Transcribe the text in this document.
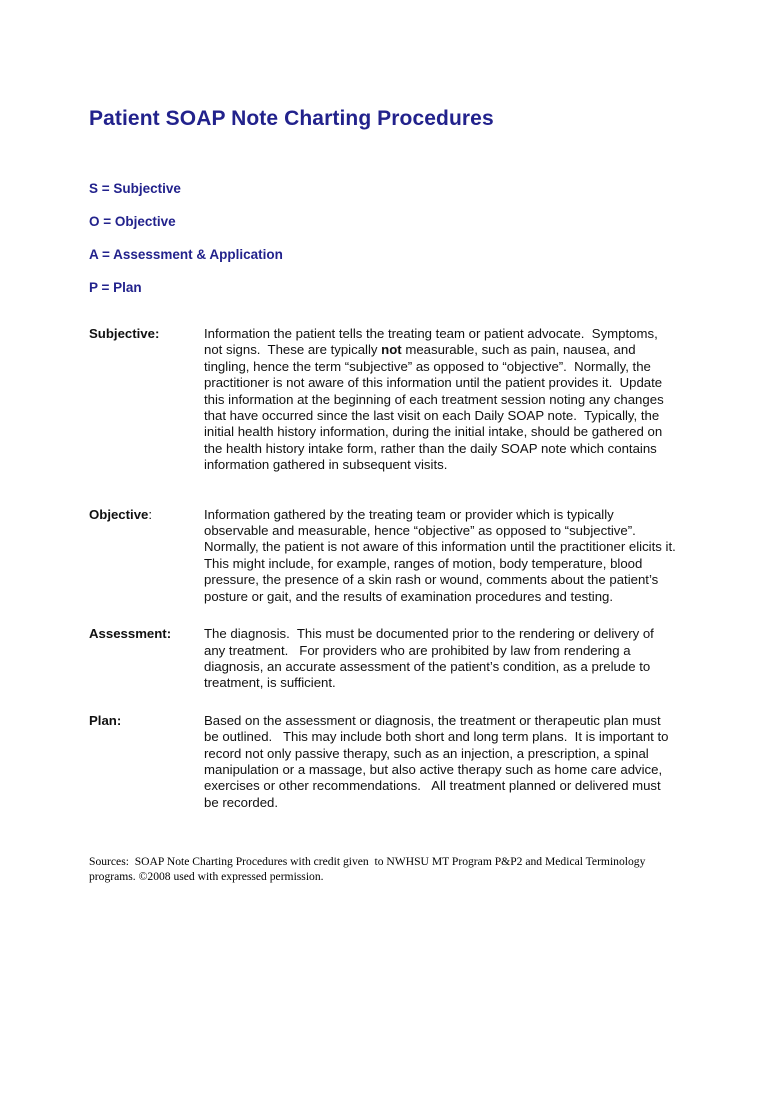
Patient SOAP Note Charting Procedures

S = Subjective

O = Objective

A = Assessment & Application

P = Plan

Subjective:	Information the patient tells the treating team or patient advocate.  Symptoms, not signs.  These are typically not measurable, such as pain, nausea, and tingling, hence the term “subjective” as opposed to “objective”.  Normally, the practitioner is not aware of this information until the patient provides it.  Update this information at the beginning of each treatment session noting any changes that have occurred since the last visit on each Daily SOAP note.  Typically, the initial health history information, during the initial intake, should be gathered on the health history intake form, rather than the daily SOAP note which contains information gathered in subsequent visits.
Objective:	Information gathered by the treating team or provider which is typically observable and measurable, hence “objective” as opposed to “subjective”.   Normally, the patient is not aware of this information until the practitioner elicits it.  This might include, for example, ranges of motion, body temperature, blood pressure, the presence of a skin rash or wound, comments about the patient’s posture or gait, and the results of examination procedures and testing.
Assessment:	The diagnosis.  This must be documented prior to the rendering or delivery of any treatment.   For providers who are prohibited by law from rendering a diagnosis, an accurate assessment of the patient’s condition, as a prelude to treatment, is sufficient.
Plan:	Based on the assessment or diagnosis, the treatment or therapeutic plan must be outlined.   This may include both short and long term plans.  It is important to record not only passive therapy, such as an injection, a prescription, a spinal manipulation or a massage, but also active therapy such as home care advice, exercises or other recommendations.   All treatment planned or delivered must be recorded.

Sources:  SOAP Note Charting Procedures with credit given  to NWHSU MT Program P&P2 and Medical Terminology programs. ©2008 used with expressed permission.
